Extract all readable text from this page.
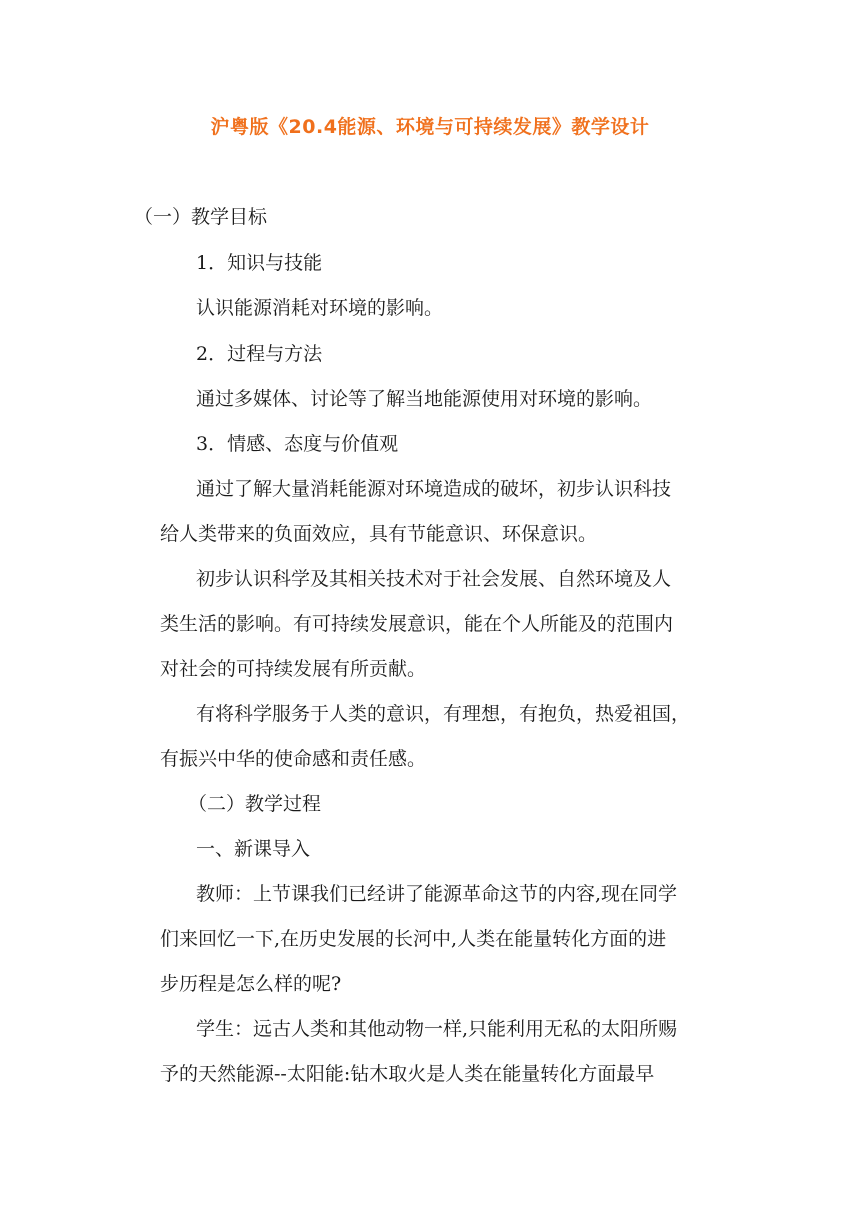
沪粤版《20.4能源、环境与可持续发展》教学设计
（一）教学目标
1．知识与技能
认识能源消耗对环境的影响。
2．过程与方法
通过多媒体、讨论等了解当地能源使用对环境的影响。
3．情感、态度与价值观
通过了解大量消耗能源对环境造成的破坏，初步认识科技
给人类带来的负面效应，具有节能意识、环保意识。
初步认识科学及其相关技术对于社会发展、自然环境及人
类生活的影响。有可持续发展意识，能在个人所能及的范围内
对社会的可持续发展有所贡献。
有将科学服务于人类的意识，有理想，有抱负，热爱祖国，
有振兴中华的使命感和责任感。
（二）教学过程
一、新课导入
教师：上节课我们已经讲了能源革命这节的内容,现在同学
们来回忆一下,在历史发展的长河中,人类在能量转化方面的进
步历程是怎么样的呢?
学生：远古人类和其他动物一样,只能利用无私的太阳所赐
予的天然能源--太阳能:钻木取火是人类在能量转化方面最早
